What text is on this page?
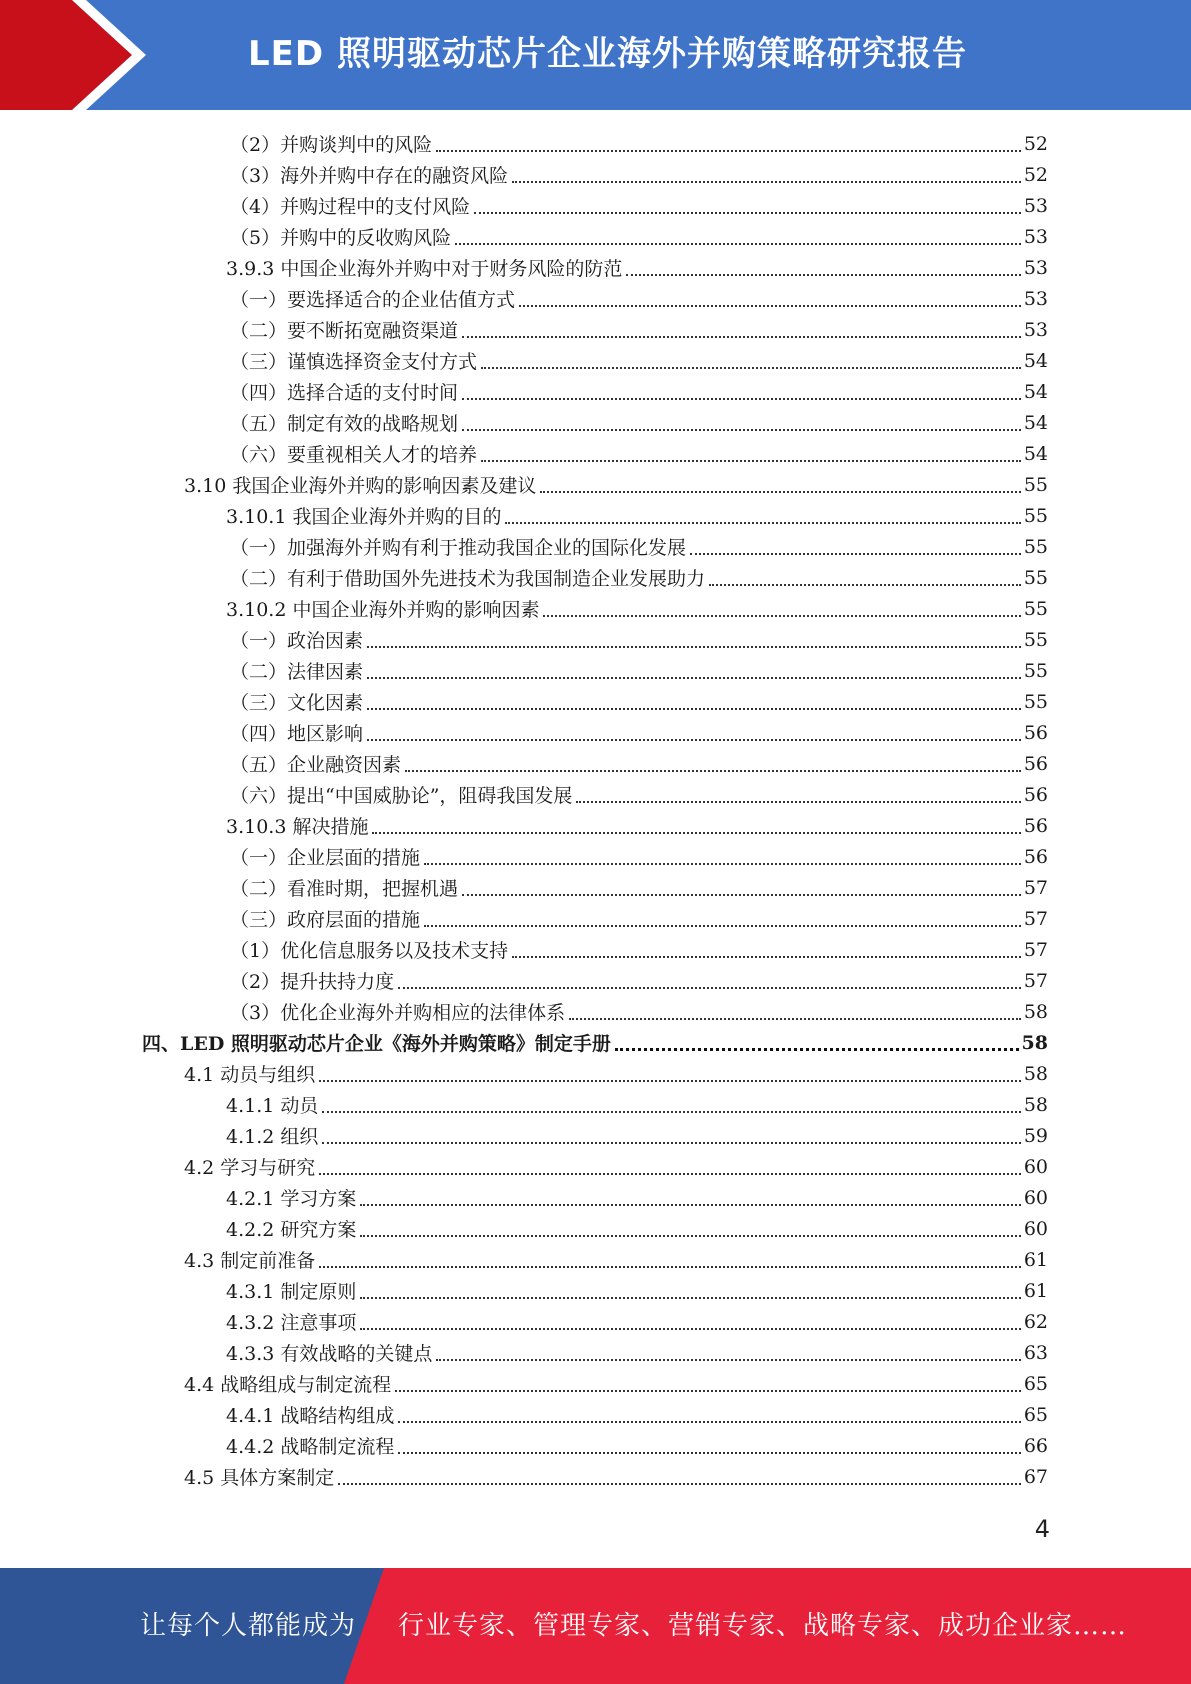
LED 照明驱动芯片企业海外并购策略研究报告
（2）并购谈判中的风险	52
（3）海外并购中存在的融资风险	52
（4）并购过程中的支付风险	53
（5）并购中的反收购风险	53
3.9.3 中国企业海外并购中对于财务风险的防范	53
（一）要选择适合的企业估值方式	53
（二）要不断拓宽融资渠道	53
（三）谨慎选择资金支付方式	54
（四）选择合适的支付时间	54
（五）制定有效的战略规划	54
（六）要重视相关人才的培养	54
3.10 我国企业海外并购的影响因素及建议	55
3.10.1 我国企业海外并购的目的	55
（一）加强海外并购有利于推动我国企业的国际化发展	55
（二）有利于借助国外先进技术为我国制造企业发展助力	55
3.10.2 中国企业海外并购的影响因素	55
（一）政治因素	55
（二）法律因素	55
（三）文化因素	55
（四）地区影响	56
（五）企业融资因素	56
（六）提出“中国威胁论”，阻碍我国发展	56
3.10.3 解决措施	56
（一）企业层面的措施	56
（二）看准时期，把握机遇	57
（三）政府层面的措施	57
（1）优化信息服务以及技术支持	57
（2）提升扶持力度	57
（3）优化企业海外并购相应的法律体系	58
四、LED 照明驱动芯片企业《海外并购策略》制定手册	58
4.1 动员与组织	58
4.1.1 动员	58
4.1.2 组织	59
4.2 学习与研究	60
4.2.1 学习方案	60
4.2.2 研究方案	60
4.3 制定前准备	61
4.3.1 制定原则	61
4.3.2 注意事项	62
4.3.3 有效战略的关键点	63
4.4 战略组成与制定流程	65
4.4.1 战略结构组成	65
4.4.2 战略制定流程	66
4.5 具体方案制定	67
4
让每个人都能成为 行业专家、管理专家、营销专家、战略专家、成功企业家……
